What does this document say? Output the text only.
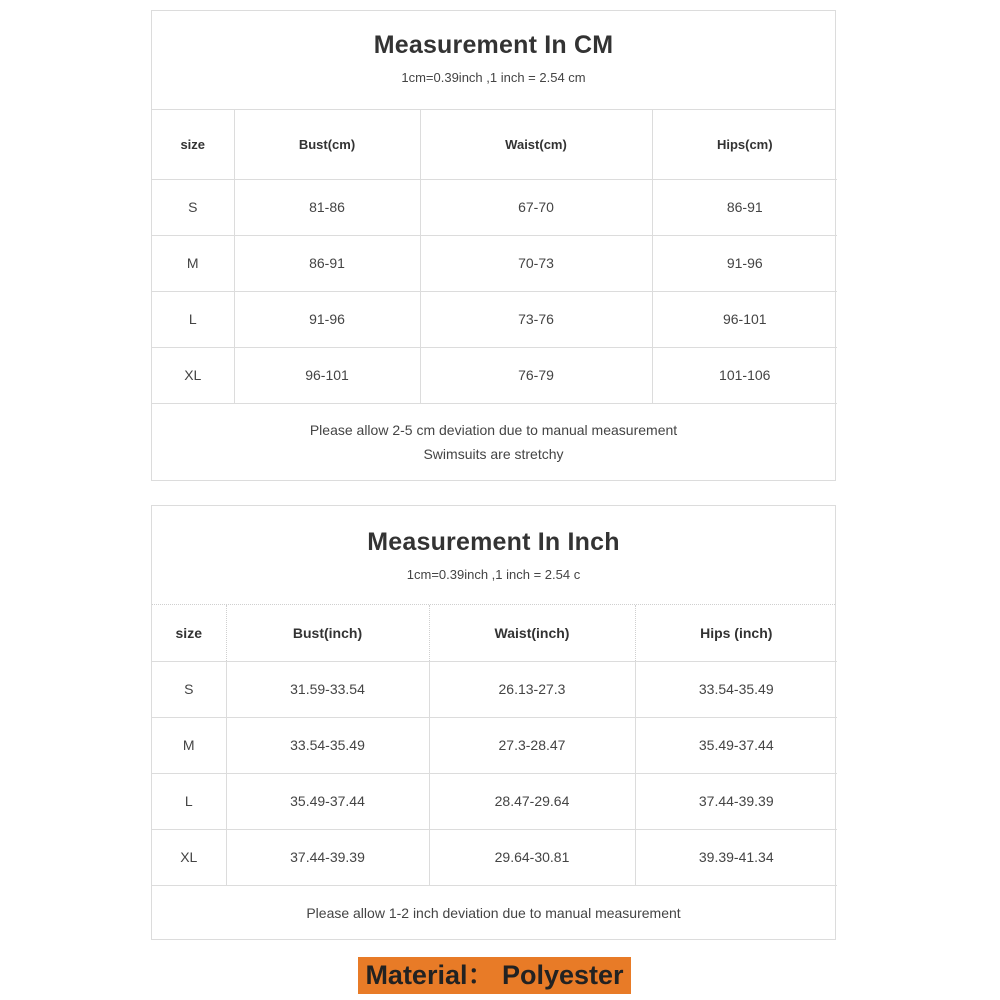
Measurement In CM
1cm=0.39inch ,1 inch = 2.54 cm
size	Bust(cm)	Waist(cm)	Hips(cm)
S	81-86	67-70	86-91
M	86-91	70-73	91-96
L	91-96	73-76	96-101
XL	96-101	76-79	101-106
Please allow 2-5 cm deviation due to manual measurement
Swimsuits are stretchy
Measurement In Inch
1cm=0.39inch ,1 inch = 2.54 c
size	Bust(inch)	Waist(inch)	Hips (inch)
S	31.59-33.54	26.13-27.3	33.54-35.49
M	33.54-35.49	27.3-28.47	35.49-37.44
L	35.49-37.44	28.47-29.64	37.44-39.39
XL	37.44-39.39	29.64-30.81	39.39-41.34
Please allow 1-2 inch deviation due to manual measurement
Material： Polyester
